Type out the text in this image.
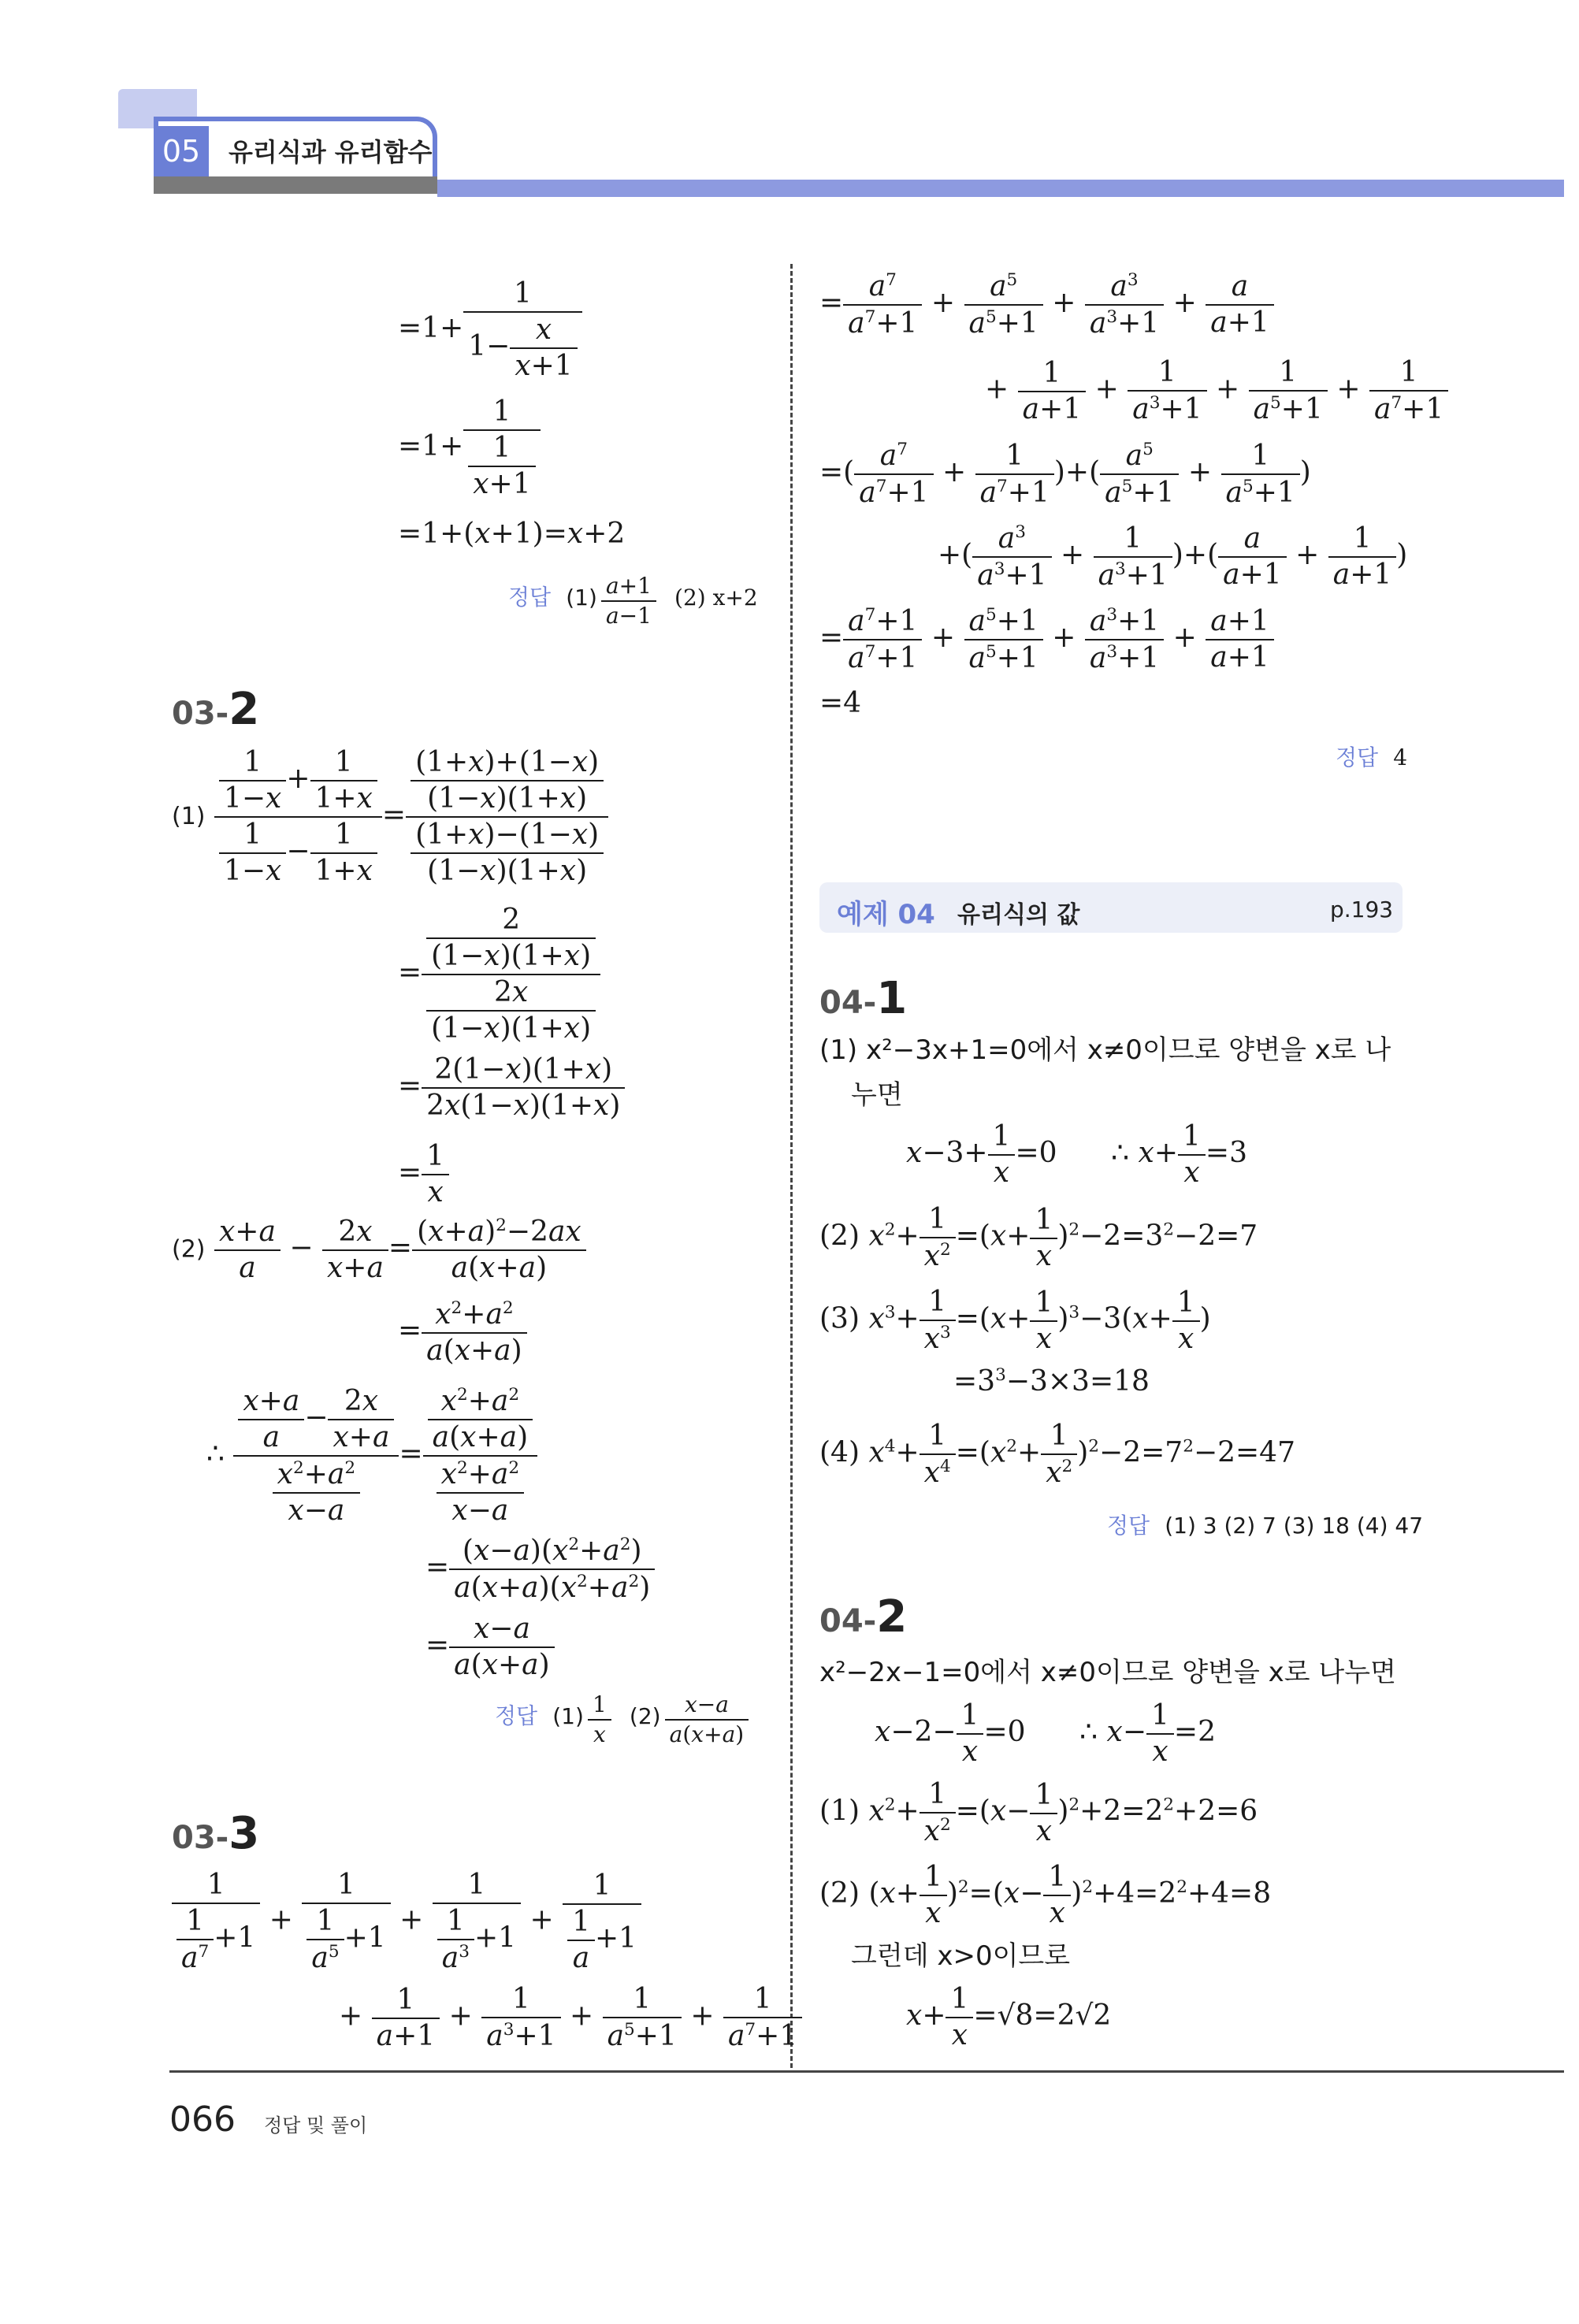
05	유리식과 유리함수
$=1+ \frac{1}{1- \frac{x}{x+1}}$
$=1+ \frac{1}{\frac{1}{x+1}}$
=1+(x+1)=x+2
정답 $(1) \frac{a+1}{a-1} (2)$ x+2
03-2
$(1) \frac{\frac{1}{1-x} + \frac{1}{1+x}}{\frac{1}{1-x} - \frac{1}{1+x}} = \frac{\frac{(1+x)+(1-x)}{(1-x)(1+x)}}{\frac{(1+x)-(1-x)}{(1-x)(1+x)}}$
= $\frac{\frac{2}{(1-x)(1+x)}}{\frac{2x}{(1-x)(1+x)}}$
= $\frac{2(1-x)(1+x)}{2x(1-x)(1+x)}$
= $\frac{1}{x}$
$(2) \frac{x+a}{a} - \frac{2x}{x+a} = \frac{(x+a)^2-2ax}{a(x+a)}$
= $\frac{x^2+a^2}{a(x+a)}$
∴ $\frac{\frac{x+a}{a} - \frac{2x}{x+a}}{\frac{x^2+a^2}{x-a}} = \frac{\frac{x^2+a^2}{a(x+a)}}{\frac{x^2+a^2}{x-a}}$
= $\frac{(x-a)(x^2+a^2)}{a(x+a)(x^2+a^2)}$
= $\frac{x-a}{a(x+a)}$
정답 $(1) \frac{1}{x} (2) \frac{x-a}{a(x+a)}$
03-3
$\frac{1}{\frac{1}{a^7} +1} + \frac{1}{\frac{1}{a^5} +1} + \frac{1}{\frac{1}{a^3} +1} + \frac{1}{\frac{1}{a} +1}$
+ $\frac{1}{a+1} + \frac{1}{a^3+1} + \frac{1}{a^5+1} + \frac{1}{a^7+1}$
= $\frac{a^7}{a^7+1} + \frac{a^5}{a^5+1} + \frac{a^3}{a^3+1} + \frac{a}{a+1}$
+ $\frac{1}{a+1} + \frac{1}{a^3+1} + \frac{1}{a^5+1} + \frac{1}{a^7+1}$
=( $\frac{a^7}{a^7+1} + \frac{1}{a^7+1}$ )+( $\frac{a^5}{a^5+1} + \frac{1}{a^5+1}$ )
+( $\frac{a^3}{a^3+1} + \frac{1}{a^3+1}$ )+( $\frac{a}{a+1} + \frac{1}{a+1}$ )
= $\frac{a^7+1}{a^7+1} + \frac{a^5+1}{a^5+1} + \frac{a^3+1}{a^3+1} + \frac{a+1}{a+1}$
=4
정답 4
예제 04 유리식의 값	p.193
04-1
(1) x²−3x+1=0에서 x≠0이므로 양변을 x로 나
누면
$x-3+ \frac{1}{x} =0$      ∴ $x+ \frac{1}{x} =3$
(2) $x^2+ \frac{1}{x^2} =(x+ \frac{1}{x} )^2-2=3^2-2=7$
(3) $x^3+ \frac{1}{x^3} =(x+ \frac{1}{x} )^3-3(x+ \frac{1}{x}$ )
$=3^3-3\times 3=18$
(4) $x^4+ \frac{1}{x^4} =(x^2+ \frac{1}{x^2} )^2-2=7^2-2=47$
정답 (1) 3 (2) 7 (3) 18 (4) 47
04-2
x²−2x−1=0에서 x≠0이므로 양변을 x로 나누면
$x-2- \frac{1}{x} =0$      ∴ $x- \frac{1}{x} =2$
(1) $x^2+ \frac{1}{x^2} =(x- \frac{1}{x} )^2+2=2^2+2=6$
(2) $(x+ \frac{1}{x} )^2=(x- \frac{1}{x} )^2+4=2^2+4=8$
그런데 x>0이므로
$x+ \frac{1}{x} =√8=2√2$
066 정답 및 풀이
